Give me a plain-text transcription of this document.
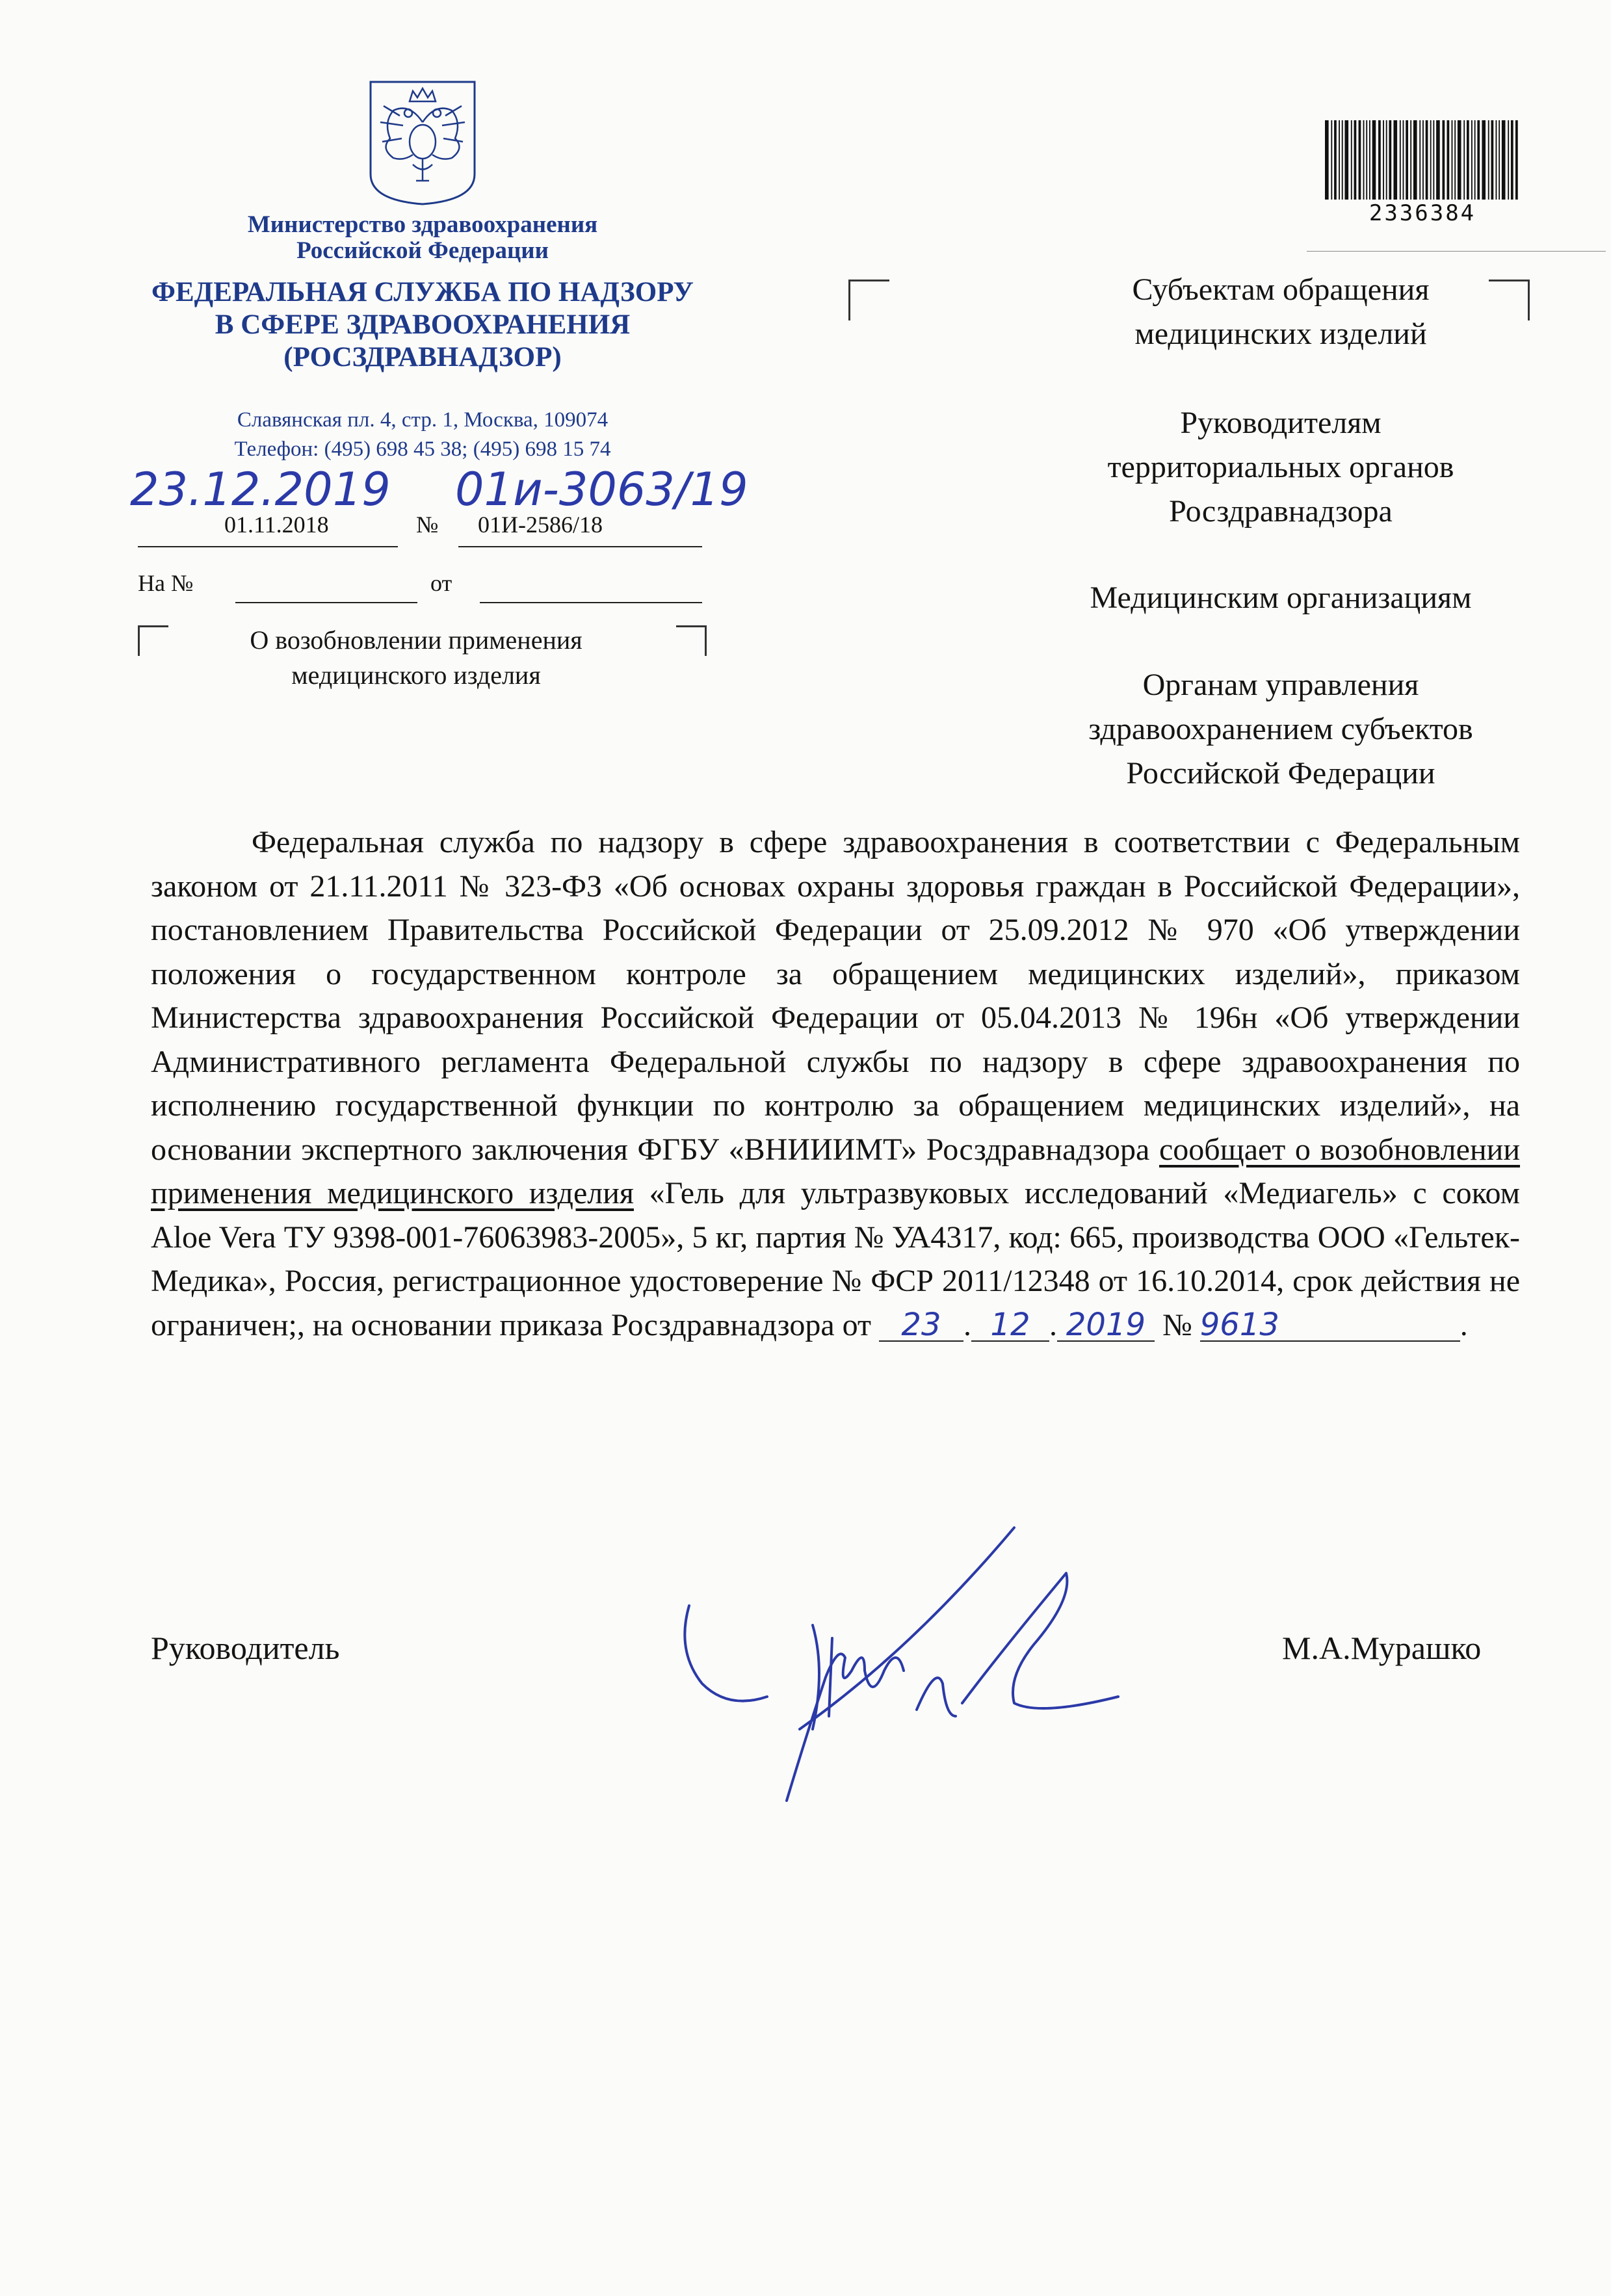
Министерство здравоохранения
Российской Федерации
ФЕДЕРАЛЬНАЯ СЛУЖБА ПО НАДЗОРУ
В СФЕРЕ ЗДРАВООХРАНЕНИЯ
(РОСЗДРАВНАДЗОР)
Славянская пл. 4, стр. 1, Москва, 109074
Телефон: (495) 698 45 38; (495) 698 15 74
23.12.2019 01и-3063/19
01.11.2018	№ 01И-2586/18
На №	от
О возобновлении применения
медицинского изделия
2336384
Субъектам обращения
медицинских изделий
Руководителям
территориальных органов
Росздравнадзора
Медицинским организациям
Органам управления
здравоохранением субъектов
Российской Федерации
Федеральная служба по надзору в сфере здравоохранения в соответствии с Федеральным законом от 21.11.2011 № 323-ФЗ «Об основах охраны здоровья граждан в Российской Федерации», постановлением Правительства Российской Федерации от 25.09.2012 № 970 «Об утверждении положения о государственном контроле за обращением медицинских изделий», приказом Министерства здравоохранения Российской Федерации от 05.04.2013 № 196н «Об утверждении Административного регламента Федеральной службы по надзору в сфере здравоохранения по исполнению государственной функции по контролю за обращением медицинских изделий», на основании экспертного заключения ФГБУ «ВНИИИМТ» Росздравнадзора сообщает о возобновлении применения медицинского изделия «Гель для ультразвуковых исследований «Медиагель» с соком Aloe Vera ТУ 9398-001-76063983-2005», 5 кг, партия № УА4317, код: 665, производства ООО «Гельтек-Медика», Россия, регистрационное удостоверение № ФСР 2011/12348 от 16.10.2014, срок действия не ограничен;, на основании приказа Росздравнадзора от 23 . 12 . 2019 № 9613	.
Руководитель	М.А.Мурашко
